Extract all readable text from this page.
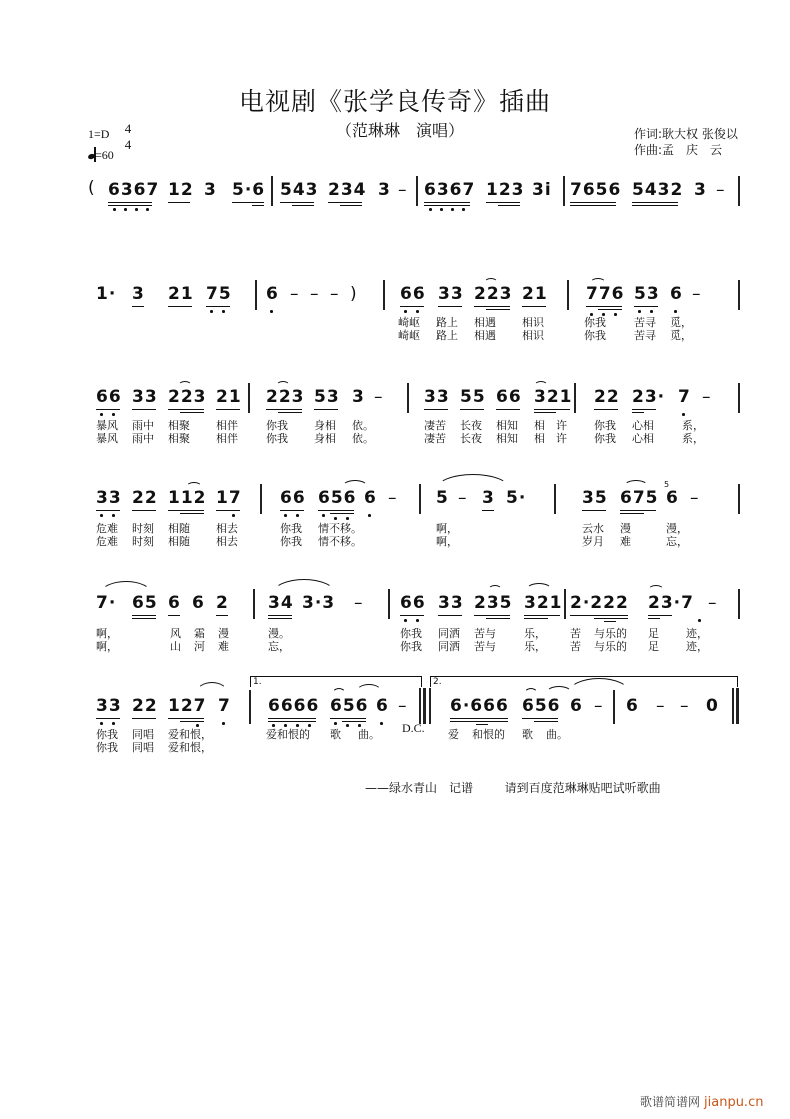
电视剧《张学良传奇》插曲
（范琳琳　演唱）
1=D 4
4
=60
作词:耿大权 张俊以
作曲:孟　庆　云
( 6367 12 3 5·6 543 234 3 – 6367 123 3i 7656 5432 3 –
1· 3 21 75 6 – – – ) 66 33 223 21 776 53 6 –
崎岖 路上 相遇 相识	你我	苦寻 觅，
崎岖 路上 相遇 相识	你我	苦寻 觅，
66 33 223 21 223 53 3 – 33 55 66 321 22 23· 7 –
暴风 雨中 相聚 相伴	你我 身相 依。	凄苦 长夜 相知 相　许 你我 心相	系，
暴风 雨中 相聚 相伴	你我 身相 依。	凄苦 长夜 相知 相　许 你我 心相	系，
33 22 112 17 66 656 6 – 5 – 3 5·	35 675
5
6 –
危难 时刻 相随 相去	你我 情不移。	啊，	云水 漫	漫，
危难 时刻 相随 相去	你我 情不移。	啊，	岁月 难	忘，
7· 65 6 6 2 34 3·3 – 66 33 235 321 2·222 23·7 –
啊，	风 霜 漫	漫。	你我 同洒 苦与	乐， 苦 与乐的 足 迹，
啊，	山 河 难	忘，	你我 同洒 苦与	乐， 苦 与乐的 足 迹，
33 22 127 7
1.
6666 656 6 –
D.C.
2.
6·666 656 6 – 6 – – 0
你我 同唱 爱和恨，	爱和恨的 歌 曲。	爱 和恨的 歌 曲。
你我 同唱 爱和恨，
——绿水青山　记谱	请到百度范琳琳贴吧试听歌曲
歌谱简谱网 jianpu.cn
